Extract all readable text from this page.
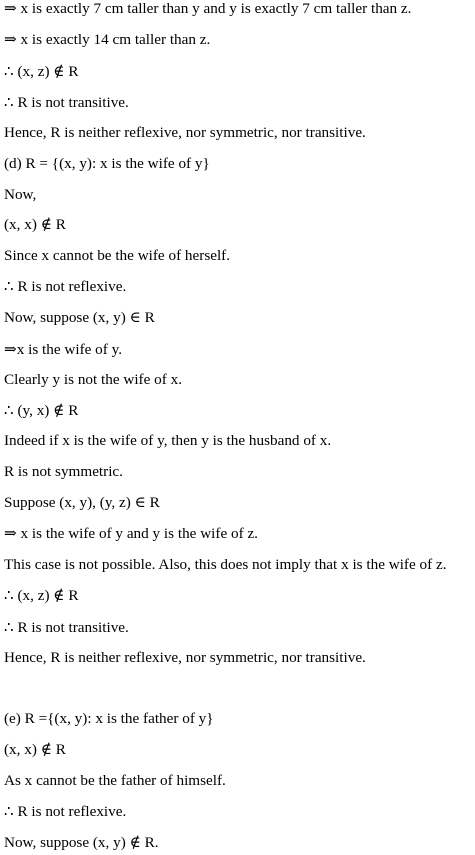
⇒ x is exactly 7 cm taller than y and y is exactly 7 cm taller than z.
⇒ x is exactly 14 cm taller than z.
∴ (x, z) ∉ R
∴ R is not transitive.
Hence, R is neither reflexive, nor symmetric, nor transitive.
(d) R = {(x, y): x is the wife of y}
Now,
(x, x) ∉ R
Since x cannot be the wife of herself.
∴ R is not reflexive.
Now, suppose (x, y) ∈ R
⇒x is the wife of y.
Clearly y is not the wife of x.
∴ (y, x) ∉ R
Indeed if x is the wife of y, then y is the husband of x.
R is not symmetric.
Suppose (x, y), (y, z) ∈ R
⇒ x is the wife of y and y is the wife of z.
This case is not possible. Also, this does not imply that x is the wife of z.
∴ (x, z) ∉ R
∴ R is not transitive.
Hence, R is neither reflexive, nor symmetric, nor transitive.
(e) R ={(x, y): x is the father of y}
(x, x) ∉ R
As x cannot be the father of himself.
∴ R is not reflexive.
Now, suppose (x, y) ∉ R.
